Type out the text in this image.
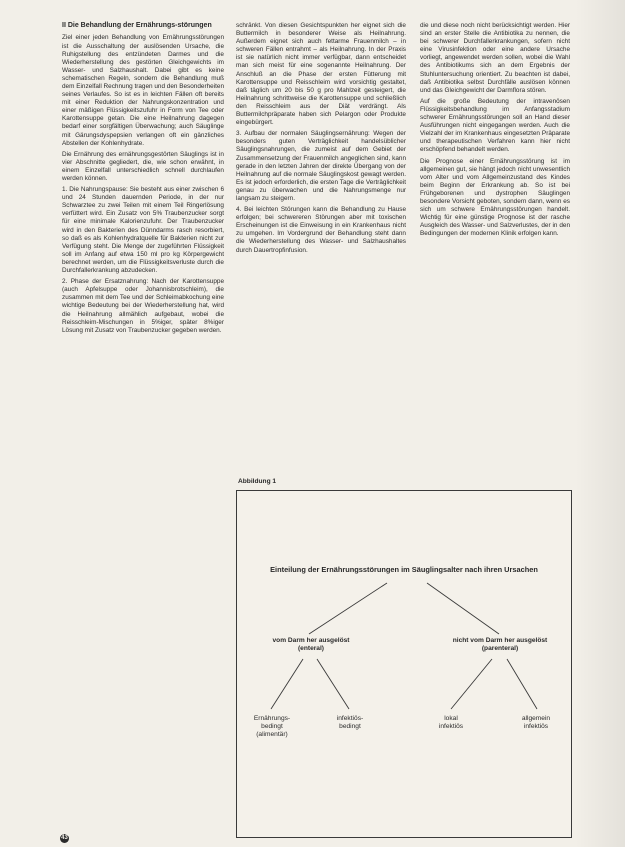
II Die Behandlung der Ernährungs-störungen

Ziel einer jeden Behandlung von Ernährungsstörungen ist die Ausschaltung der auslösenden Ursache, die Ruhigstellung des entzündeten Darmes und die Wiederherstellung des gestörten Gleichgewichts im Wasser- und Salzhaushalt. Dabei gibt es keine schematischen Regeln, sondern die Behandlung muß dem Einzelfall Rechnung tragen und den Besonderheiten seines Verlaufes. So ist es in leichten Fällen oft bereits mit einer Reduktion der Nahrungskonzentration und einer mäßigen Flüssigkeitszufuhr in Form von Tee oder Karottensuppe getan. Die eine Heilnahrung dagegen bedarf einer sorgfältigen Überwachung; auch Säuglinge mit Gärungsdyspepsien verlangen oft ein gänzliches Abstellen der Kohlenhydrate.

Die Ernährung des ernährungsgestörten Säuglings ist in vier Abschnitte gegliedert, die, wie schon erwähnt, in einem Einzelfall unterschiedlich schnell durchlaufen werden können.

1. Die Nahrungspause: Sie besteht aus einer zwischen 6 und 24 Stunden dauernden Periode, in der nur Schwarztee zu zwei Teilen mit einem Teil Ringerlösung verfüttert wird. Ein Zusatz von 5% Traubenzucker sorgt für eine minimale Kalorienzufuhr. Der Traubenzucker wird in den Bakterien des Dünndarms rasch resorbiert, so daß es als Kohlenhydratquelle für Bakterien nicht zur Verfügung steht. Die Menge der zugeführten Flüssigkeit soll im Anfang auf etwa 150 ml pro kg Körpergewicht berechnet werden, um die Flüssigkeitsverluste durch die Durchfallerkrankung abzudecken.

2. Phase der Ersatznahrung: Nach der Karottensuppe (auch Apfelsuppe oder Johannisbrotschleim), die zusammen mit dem Tee und der Schleimabkochung eine wichtige Bedeutung bei der Wiederherstellung hat, wird die Heilnahrung allmählich aufgebaut, wobei die Reisschleim-Mischungen in 5%iger, später 8%iger Lösung mit Zusatz von Traubenzucker gegeben werden.

schränkt. Von diesen Gesichtspunkten her eignet sich die Buttermilch in besonderer Weise als Heilnahrung. Außerdem eignet sich auch fettarme Frauenmilch – in schweren Fällen entrahmt – als Heilnahrung. In der Praxis ist sie natürlich nicht immer verfügbar, dann entscheidet man sich meist für eine sogenannte Heilnahrung. Der Anschluß an die Phase der ersten Fütterung mit Karottensuppe und Reisschleim wird vorsichtig gestaltet, daß täglich um 20 bis 50 g pro Mahlzeit gesteigert, die Heilnahrung schrittweise die Karottensuppe und schließlich den Reisschleim aus der Diät verdrängt. Als Buttermilchpräparate haben sich Pelargon oder Produkte eingebürgert.

3. Aufbau der normalen Säuglingsernährung: Wegen der besonders guten Verträglichkeit handelsüblicher Säuglingsnahrungen, die zumeist auf dem Gebiet der Zusammensetzung der Frauenmilch angeglichen sind, kann gerade in den letzten Jahren der direkte Übergang von der Heilnahrung auf die normale Säuglingskost gewagt werden. Es ist jedoch erforderlich, die ersten Tage die Verträglichkeit genau zu überwachen und die Nahrungsmenge nur langsam zu steigern.

4. Bei leichten Störungen kann die Behandlung zu Hause erfolgen; bei schwereren Störungen aber mit toxischen Erscheinungen ist die Einweisung in ein Krankenhaus nicht zu umgehen. Im Vordergrund der Behandlung steht dann die Wiederherstellung des Wasser- und Salzhaushaltes durch Dauertropfinfusion.

die und diese noch nicht berücksichtigt werden. Hier sind an erster Stelle die Antibiotika zu nennen, die bei schwerer Durchfallerkrankungen, sofern nicht eine Virusinfektion oder eine andere Ursache vorliegt, angewendet werden sollen, wobei die Wahl des Antibiotikums sich an dem Ergebnis der Stuhluntersuchung orientiert. Zu beachten ist dabei, daß Antibiotika selbst Durchfälle auslösen können und das Gleichgewicht der Darmflora stören.

Auf die große Bedeutung der intravenösen Flüssigkeitsbehandlung im Anfangsstadium schwerer Ernährungsstörungen soll an Hand dieser Ausführungen nicht eingegangen werden. Auch die Vielzahl der im Krankenhaus eingesetzten Präparate und therapeutischen Verfahren kann hier nicht erschöpfend behandelt werden.

Die Prognose einer Ernährungsstörung ist im allgemeinen gut, sie hängt jedoch nicht unwesentlich vom Alter und vom Allgemeinzustand des Kindes beim Beginn der Erkrankung ab. So ist bei Frühgeborenen und dystrophen Säuglingen besondere Vorsicht geboten, sondern dann, wenn es sich um schwere Ernährungsstörungen handelt. Wichtig für eine günstige Prognose ist der rasche Ausgleich des Wasser- und Salzverlustes, der in den Bedingungen der modernen Klinik erfolgen kann.

Abbildung 1
Einteilung der Ernährungsstörungen im Säuglingsalter nach ihren Ursachen
vom Darm her ausgelöst
(enteral)
nicht vom Darm her ausgelöst
(parenteral)
Ernährungs-
bedingt
(alimentär)
infektiös-
bedingt
lokal
infektiös
allgemein
infektiös
43
